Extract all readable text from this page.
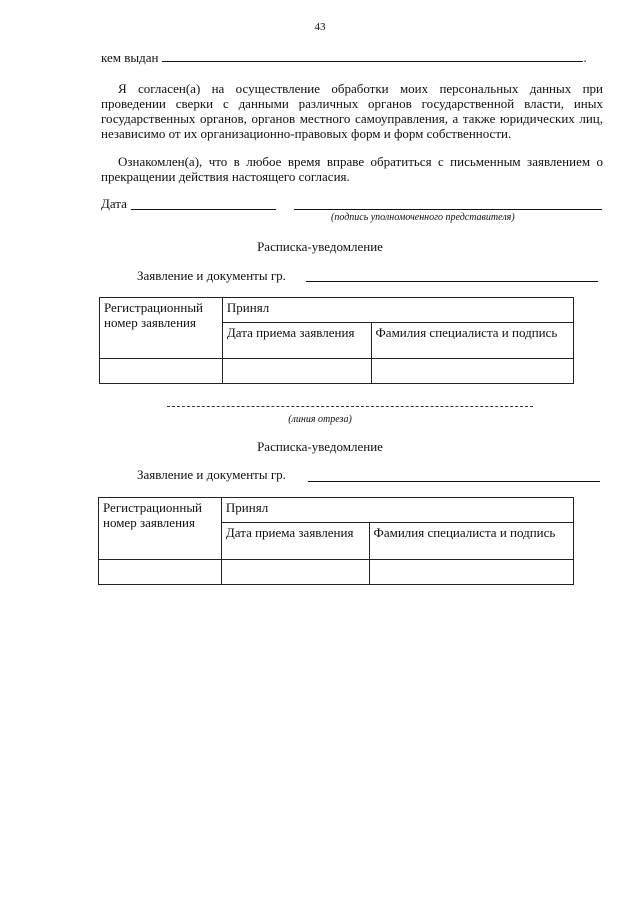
43
кем выдан	.
Я согласен(а) на осуществление обработки моих персональных данных при проведении сверки с данными различных органов государственной власти, иных государственных органов, органов местного самоуправления, а также юридических лиц, независимо от их организационно-правовых форм и форм собственности.
Ознакомлен(а), что в любое время вправе обратиться с письменным заявлением о прекращении действия настоящего согласия.
Дата
(подпись уполномоченного представителя)
Расписка-уведомление
Заявление и документы гр.
Регистрационный номер заявления	Принял	
	Дата приема заявления	Фамилия специалиста и подпись

(линия отреза)
Расписка-уведомление
Заявление и документы гр.
Регистрационный номер заявления	Принял	
	Дата приема заявления	Фамилия специалиста и подпись
